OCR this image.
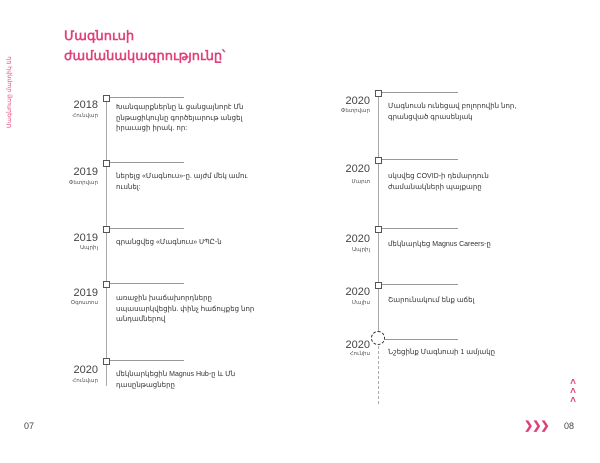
Մագնուսը մարդիկ են
Մագնուսի
ժամանակագրությունը՝
2018
Հունվար
Խանգարքներնը և ցանցայնորէ Մն ընթացիկույնը գործեյարութ անցել իրաւացի իրակ. որ:
2019
Փետրվար
ներելց «Մագնուս»-ը. այժմ մեկ ամու ուսնել:
2019
Ապրիլ
գրանցվեց «Մագնուս» ՍՊԸ-ն
2019
Օգոստոս
առաջին խաճախորդները սպասարկվեցին. փինչ հաճույքեց նոր անդամներով
2020
Հունվար
մեկնարկեցին Magnus Hub-ը և Մն դասընթացները
2020
Փետրվար
Մագնուսն ունեցավ բոլորովին նոր, գրանցված գրասենյակ
2020
Մարտ
սկսվեց COVID-ի դեմարդուն ժամանակների պայքարը
2020
Ապրիլ
մեկնարկեց Magnus Careers-ը
2020
Մայիս	Շարունակում ենք աճել
2020
Հունիս	Նշեցինք Մագնուսի 1 ամյակը
07	08
❯❯❯
˄
˄
˄
